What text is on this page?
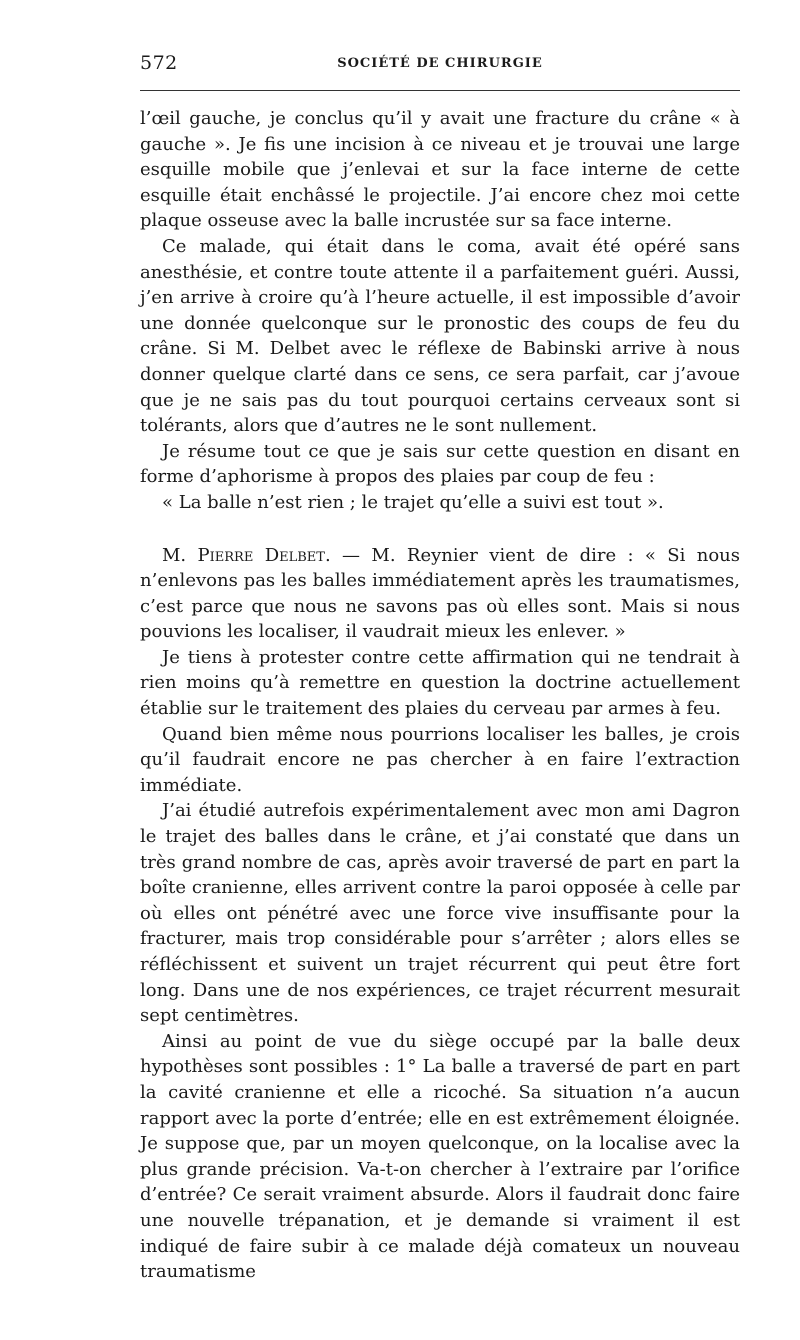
572	SOCIÉTÉ DE CHIRURGIE

l’œil gauche, je conclus qu’il y avait une fracture du crâne « à gauche ». Je fis une incision à ce niveau et je trouvai une large esquille mobile que j’enlevai et sur la face interne de cette esquille était enchâssé le projectile. J’ai encore chez moi cette plaque osseuse avec la balle incrustée sur sa face interne.

Ce malade, qui était dans le coma, avait été opéré sans anesthésie, et contre toute attente il a parfaitement guéri. Aussi, j’en arrive à croire qu’à l’heure actuelle, il est impossible d’avoir une donnée quelconque sur le pronostic des coups de feu du crâne. Si M. Delbet avec le réflexe de Babinski arrive à nous donner quelque clarté dans ce sens, ce sera parfait, car j’avoue que je ne sais pas du tout pourquoi certains cerveaux sont si tolérants, alors que d’autres ne le sont nullement.

Je résume tout ce que je sais sur cette question en disant en forme d’aphorisme à propos des plaies par coup de feu :

« La balle n’est rien ; le trajet qu’elle a suivi est tout ».

M. Pierre Delbet. — M. Reynier vient de dire : « Si nous n’enlevons pas les balles immédiatement après les traumatismes, c’est parce que nous ne savons pas où elles sont. Mais si nous pouvions les localiser, il vaudrait mieux les enlever. »

Je tiens à protester contre cette affirmation qui ne tendrait à rien moins qu’à remettre en question la doctrine actuellement établie sur le traitement des plaies du cerveau par armes à feu.

Quand bien même nous pourrions localiser les balles, je crois qu’il faudrait encore ne pas chercher à en faire l’extraction immédiate.

J’ai étudié autrefois expérimentalement avec mon ami Dagron le trajet des balles dans le crâne, et j’ai constaté que dans un très grand nombre de cas, après avoir traversé de part en part la boîte cranienne, elles arrivent contre la paroi opposée à celle par où elles ont pénétré avec une force vive insuffisante pour la fracturer, mais trop considérable pour s’arrêter ; alors elles se réfléchissent et suivent un trajet récurrent qui peut être fort long. Dans une de nos expériences, ce trajet récurrent mesurait sept centimètres.

Ainsi au point de vue du siège occupé par la balle deux hypothèses sont possibles : 1° La balle a traversé de part en part la cavité cranienne et elle a ricoché. Sa situation n’a aucun rapport avec la porte d’entrée; elle en est extrêmement éloignée. Je suppose que, par un moyen quelconque, on la localise avec la plus grande précision. Va-t-on chercher à l’extraire par l’orifice d’entrée? Ce serait vraiment absurde. Alors il faudrait donc faire une nouvelle trépanation, et je demande si vraiment il est indiqué de faire subir à ce malade déjà comateux un nouveau traumatisme
